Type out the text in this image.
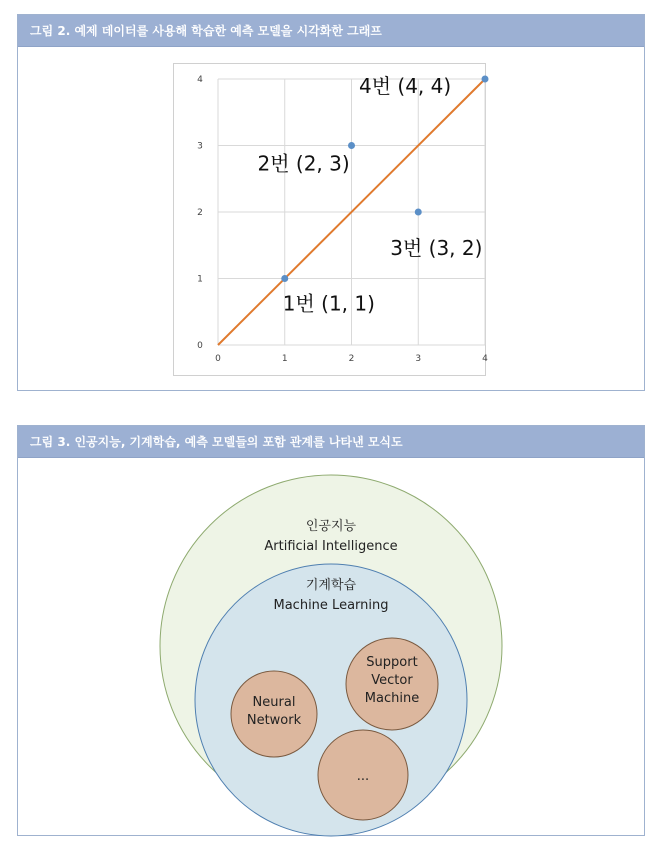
그림 2. 예제 데이터를 사용해 학습한 예측 모델을 시각화한 그래프
0	1	2	3	4
0
1
2
3
4
1번 (1, 1)
2번 (2, 3)
3번 (3, 2)
4번 (4, 4)
그림 3. 인공지능, 기계학습, 예측 모델들의 포함 관계를 나타낸 모식도
인공지능
Artificial Intelligence
기계학습
Machine Learning
Neural
Network
Support
Vector
Machine
...
